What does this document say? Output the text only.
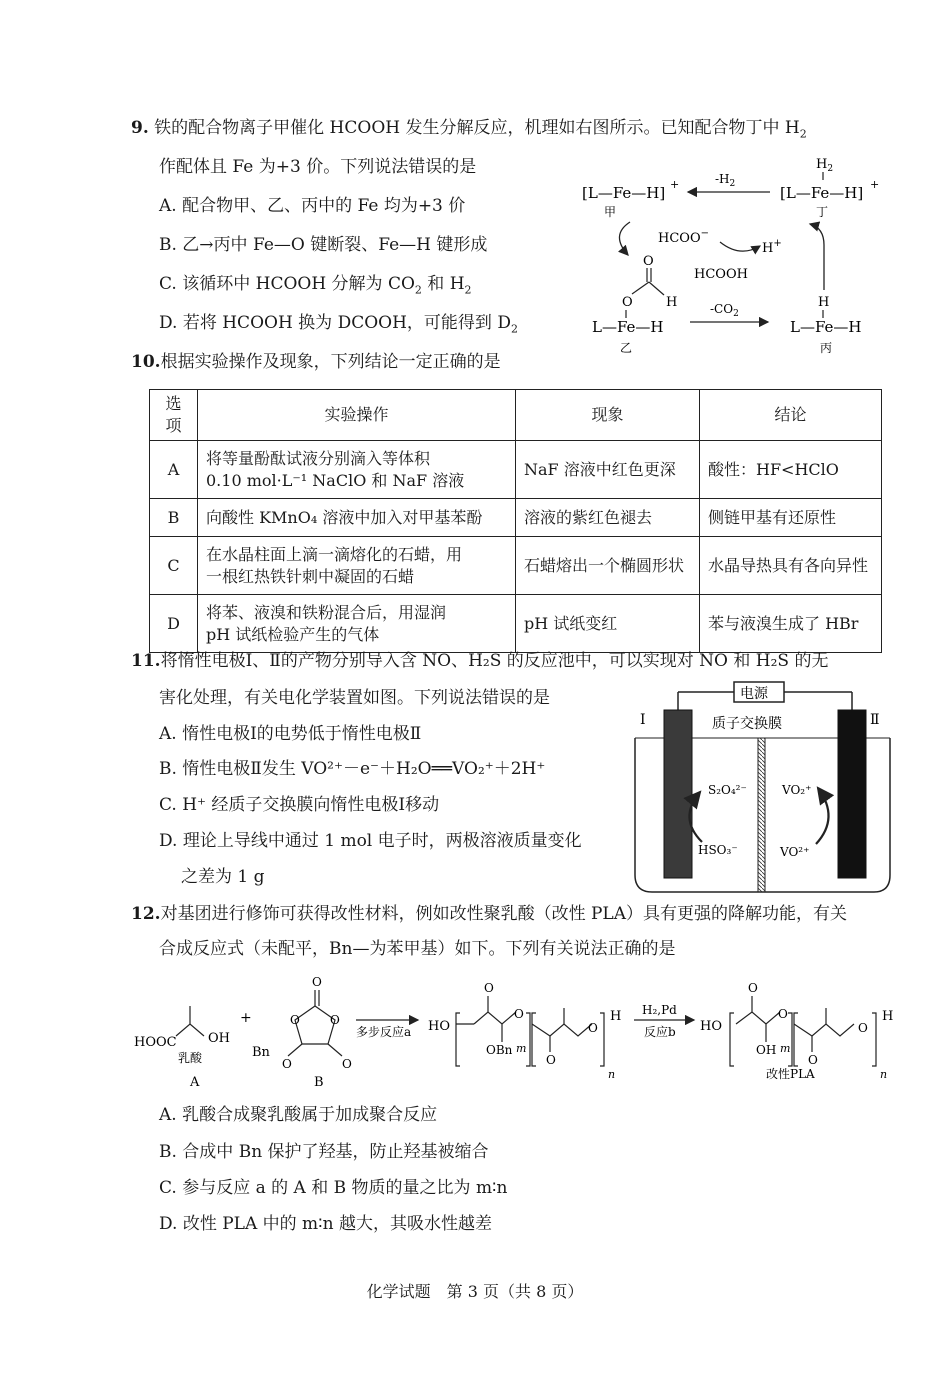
9. 铁的配合物离子甲催化 HCOOH 发生分解反应，机理如右图所示。已知配合物丁中 $H_2$
作配体且 Fe 为+3 价。下列说法错误的是
A. 配合物甲、乙、丙中的 Fe 均为+3 价
B. 乙→丙中 Fe—O 键断裂、Fe—H 键形成
C. 该循环中 HCOOH 分解为 $CO_2$ 和 $H_2$
D. 若将 HCOOH 换为 DCOOH，可能得到 $D_2$
[L—Fe—H] +
甲
$H_2$
[L—Fe—H] +
丁
$-H_2$
HCOO−
H+
HCOOH
O
H
O
L—Fe—H
乙
$-CO_2$
H
L—Fe—H
丙
10.根据实验操作及现象，下列结论一定正确的是
选项	实验操作	现象	结论
A	将等量酚酞试液分别滴入等体积
0.10 mol·L⁻¹ NaClO 和 NaF 溶液	NaF 溶液中红色更深	酸性：HF<HClO
B	向酸性 KMnO₄ 溶液中加入对甲基苯酚	溶液的紫红色褪去	侧链甲基有还原性
C	在水晶柱面上滴一滴熔化的石蜡，用
一根红热铁针刺中凝固的石蜡	石蜡熔出一个椭圆形状	水晶导热具有各向异性
D	将苯、液溴和铁粉混合后，用湿润
pH 试纸检验产生的气体	pH 试纸变红	苯与液溴生成了 HBr
11.将惰性电极Ⅰ、Ⅱ的产物分别导入含 NO、H₂S 的反应池中，可以实现对 NO 和 H₂S 的无
害化处理，有关电化学装置如图。下列说法错误的是
A. 惰性电极Ⅰ的电势低于惰性电极Ⅱ
B. 惰性电极Ⅱ发生 VO²⁺－e⁻＋H₂O══VO₂⁺＋2H⁺
C. H⁺ 经质子交换膜向惰性电极Ⅰ移动
D. 理论上导线中通过 1 mol 电子时，两极溶液质量变化
之差为 1 g
电源
Ⅰ	Ⅱ
质子交换膜
S₂O₄²⁻
HSO₃⁻
VO₂⁺
VO²⁺
12.对基团进行修饰可获得改性材料，例如改性聚乳酸（改性 PLA）具有更强的降解功能，有关
合成反应式（未配平，Bn—为苯甲基）如下。下列有关说法正确的是
HOOC OH
乳酸
A
+
O
O	O
O
Bn
O
B
多步反应a HO
O
O
OBn m
O
O
n
H H₂,Pd
反应b HO
O
O
OH m
O
O
n
H
改性PLA
A. 乳酸合成聚乳酸属于加成聚合反应
B. 合成中 Bn 保护了羟基，防止羟基被缩合
C. 参与反应 a 的 A 和 B 物质的量之比为 m∶n
D. 改性 PLA 中的 m∶n 越大，其吸水性越差
化学试题　第 3 页（共 8 页）
